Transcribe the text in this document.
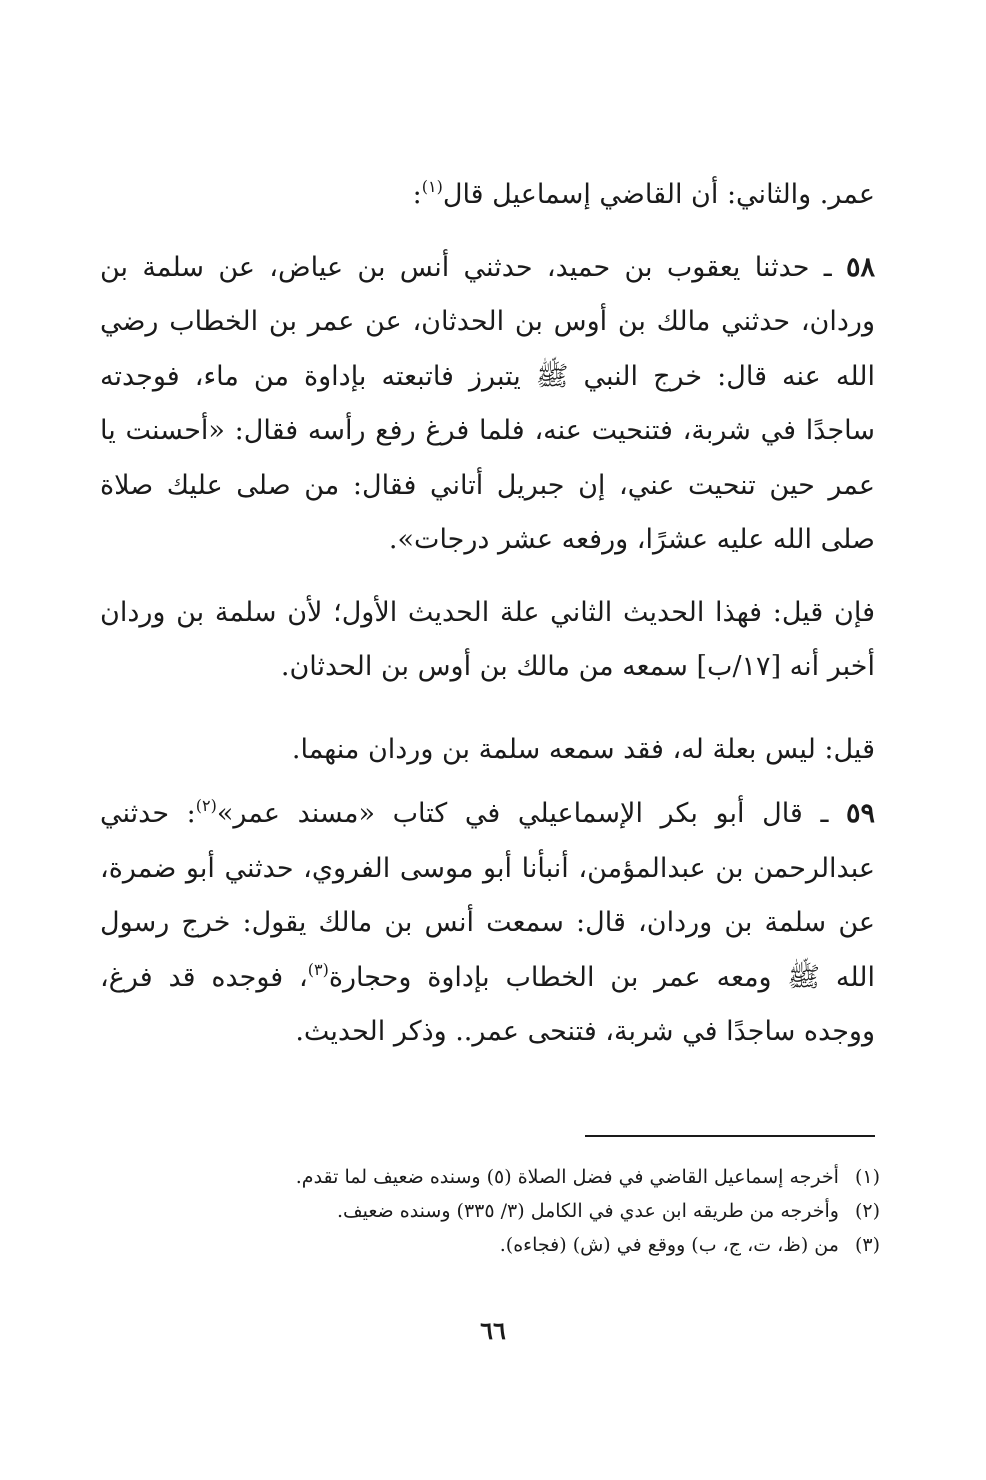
عمر. والثاني: أن القاضي إسماعيل قال$^{(١)}$:

٥٨ ـ حدثنا يعقوب بن حميد، حدثني أنس بن عياض، عن سلمة بن وردان، حدثني مالك بن أوس بن الحدثان، عن عمر بن الخطاب رضي الله عنه قال: خرج النبي ﷺ يتبرز فاتبعته بإداوة من ماء، فوجدته ساجدًا في شربة، فتنحيت عنه، فلما فرغ رفع رأسه فقال: «أحسنت يا عمر حين تنحيت عني، إن جبريل أتاني فقال: من صلى عليك صلاة صلى الله عليه عشرًا، ورفعه عشر درجات».

فإن قيل: فهذا الحديث الثاني علة الحديث الأول؛ لأن سلمة بن وردان أخبر أنه [١٧/ب] سمعه من مالك بن أوس بن الحدثان.

قيل: ليس بعلة له، فقد سمعه سلمة بن وردان منهما.

٥٩ ـ قال أبو بكر الإسماعيلي في كتاب «مسند عمر»$^{(٢)}$: حدثني عبدالرحمن بن عبدالمؤمن، أنبأنا أبو موسى الفروي، حدثني أبو ضمرة، عن سلمة بن وردان، قال: سمعت أنس بن مالك يقول: خرج رسول الله ﷺ ومعه عمر بن الخطاب بإداوة وحجارة$^{(٣)}$، فوجده قد فرغ، ووجده ساجدًا في شربة، فتنحى عمر.. وذكر الحديث.

(١)أخرجه إسماعيل القاضي في فضل الصلاة (٥) وسنده ضعيف لما تقدم.

(٢)وأخرجه من طريقه ابن عدي في الكامل (٣/ ٣٣٥) وسنده ضعيف.

(٣)من (ظ، ت، ج، ب) ووقع في (ش) (فجاءه).

٦٦
